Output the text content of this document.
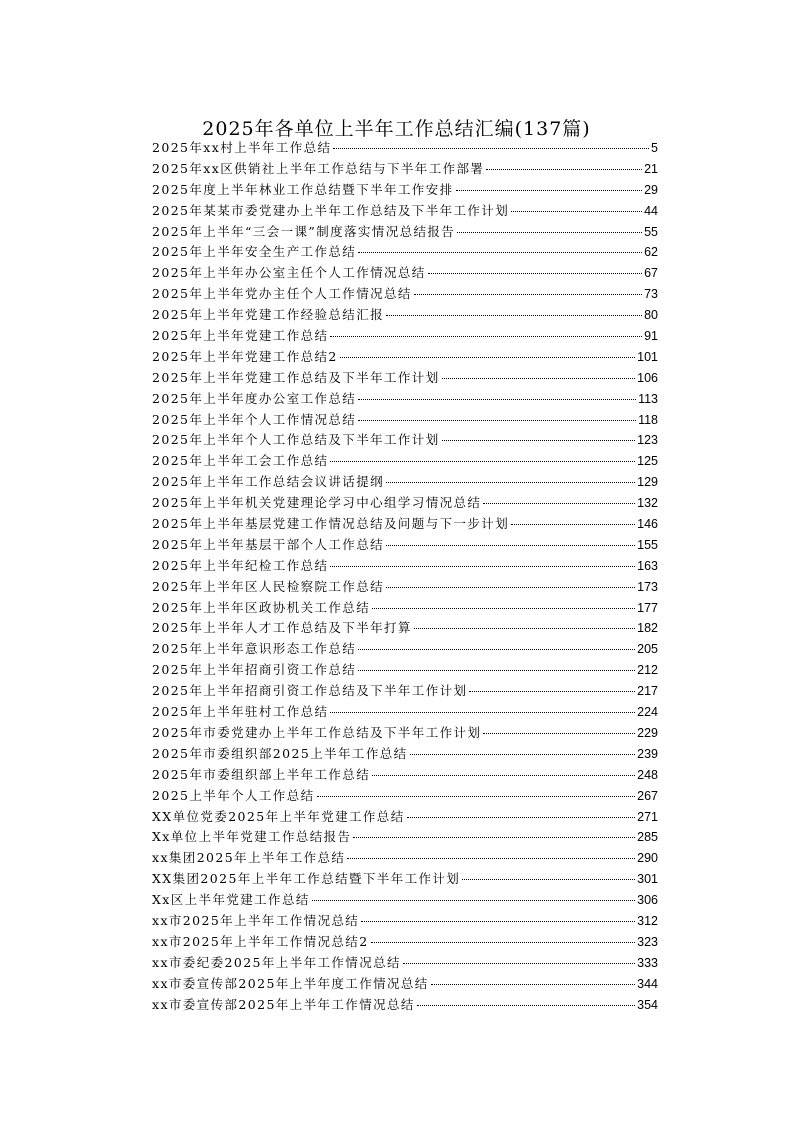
2025年各单位上半年工作总结汇编(137篇)
2025年xx村上半年工作总结	5
2025年xx区供销社上半年工作总结与下半年工作部署	21
2025年度上半年林业工作总结暨下半年工作安排	29
2025年某某市委党建办上半年工作总结及下半年工作计划	44
2025年上半年“三会一课”制度落实情况总结报告	55
2025年上半年安全生产工作总结	62
2025年上半年办公室主任个人工作情况总结	67
2025年上半年党办主任个人工作情况总结	73
2025年上半年党建工作经验总结汇报	80
2025年上半年党建工作总结	91
2025年上半年党建工作总结2	101
2025年上半年党建工作总结及下半年工作计划	106
2025年上半年度办公室工作总结	113
2025年上半年个人工作情况总结	118
2025年上半年个人工作总结及下半年工作计划	123
2025年上半年工会工作总结	125
2025年上半年工作总结会议讲话提纲	129
2025年上半年机关党建理论学习中心组学习情况总结	132
2025年上半年基层党建工作情况总结及问题与下一步计划	146
2025年上半年基层干部个人工作总结	155
2025年上半年纪检工作总结	163
2025年上半年区人民检察院工作总结	173
2025年上半年区政协机关工作总结	177
2025年上半年人才工作总结及下半年打算	182
2025年上半年意识形态工作总结	205
2025年上半年招商引资工作总结	212
2025年上半年招商引资工作总结及下半年工作计划	217
2025年上半年驻村工作总结	224
2025年市委党建办上半年工作总结及下半年工作计划	229
2025年市委组织部2025上半年工作总结	239
2025年市委组织部上半年工作总结	248
2025上半年个人工作总结	267
XX单位党委2025年上半年党建工作总结	271
Xx单位上半年党建工作总结报告	285
xx集团2025年上半年工作总结	290
XX集团2025年上半年工作总结暨下半年工作计划	301
Xx区上半年党建工作总结	306
xx市2025年上半年工作情况总结	312
xx市2025年上半年工作情况总结2	323
xx市委纪委2025年上半年工作情况总结	333
xx市委宣传部2025年上半年度工作情况总结	344
xx市委宣传部2025年上半年工作情况总结	354
